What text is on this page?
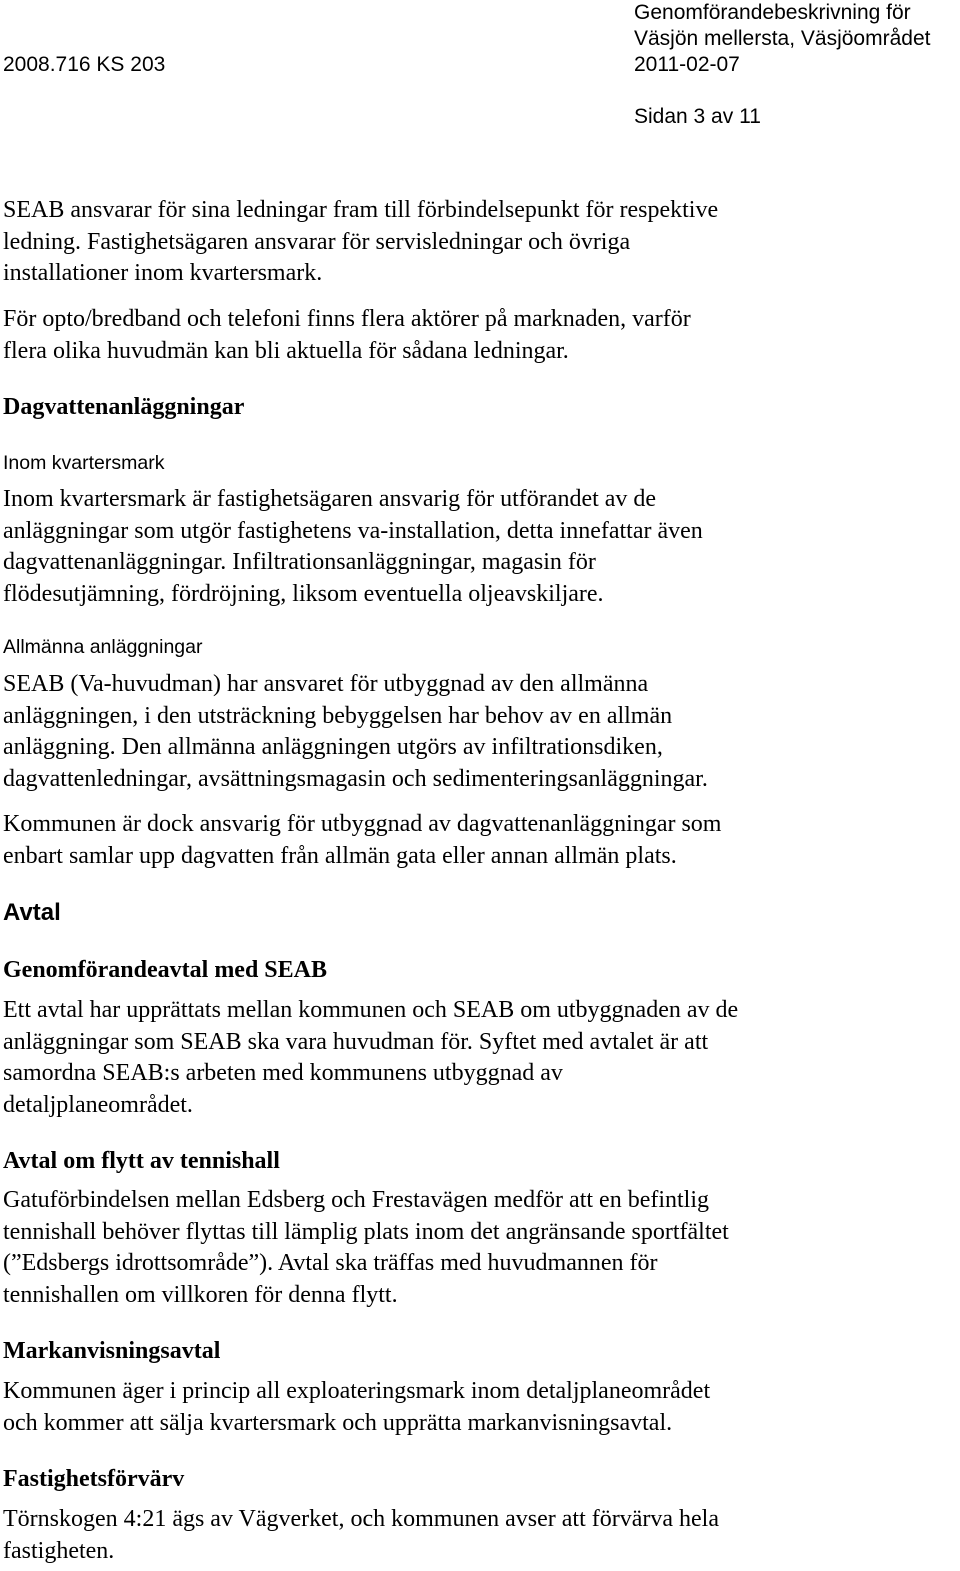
Genomförandebeskrivning för
Väsjön mellersta, Väsjöområdet
2008.716 KS 203	2011-02-07
Sidan 3 av 11
SEAB ansvarar för sina ledningar fram till förbindelsepunkt för respektive
ledning. Fastighetsägaren ansvarar för servisledningar och övriga
installationer inom kvartersmark.
För opto/bredband och telefoni finns flera aktörer på marknaden, varför
flera olika huvudmän kan bli aktuella för sådana ledningar.
Dagvattenanläggningar
Inom kvartersmark
Inom kvartersmark är fastighetsägaren ansvarig för utförandet av de
anläggningar som utgör fastighetens va-installation, detta innefattar även
dagvattenanläggningar. Infiltrationsanläggningar, magasin för
flödesutjämning, fördröjning, liksom eventuella oljeavskiljare.
Allmänna anläggningar
SEAB (Va-huvudman) har ansvaret för utbyggnad av den allmänna
anläggningen, i den utsträckning bebyggelsen har behov av en allmän
anläggning. Den allmänna anläggningen utgörs av infiltrationsdiken,
dagvattenledningar, avsättningsmagasin och sedimenteringsanläggningar.
Kommunen är dock ansvarig för utbyggnad av dagvattenanläggningar som
enbart samlar upp dagvatten från allmän gata eller annan allmän plats.
Avtal
Genomförandeavtal med SEAB
Ett avtal har upprättats mellan kommunen och SEAB om utbyggnaden av de
anläggningar som SEAB ska vara huvudman för. Syftet med avtalet är att
samordna SEAB:s arbeten med kommunens utbyggnad av
detaljplaneområdet.
Avtal om flytt av tennishall
Gatuförbindelsen mellan Edsberg och Frestavägen medför att en befintlig
tennishall behöver flyttas till lämplig plats inom det angränsande sportfältet
(”Edsbergs idrottsområde”). Avtal ska träffas med huvudmannen för
tennishallen om villkoren för denna flytt.
Markanvisningsavtal
Kommunen äger i princip all exploateringsmark inom detaljplaneområdet
och kommer att sälja kvartersmark och upprätta markanvisningsavtal.
Fastighetsförvärv
Törnskogen 4:21 ägs av Vägverket, och kommunen avser att förvärva hela
fastigheten.
